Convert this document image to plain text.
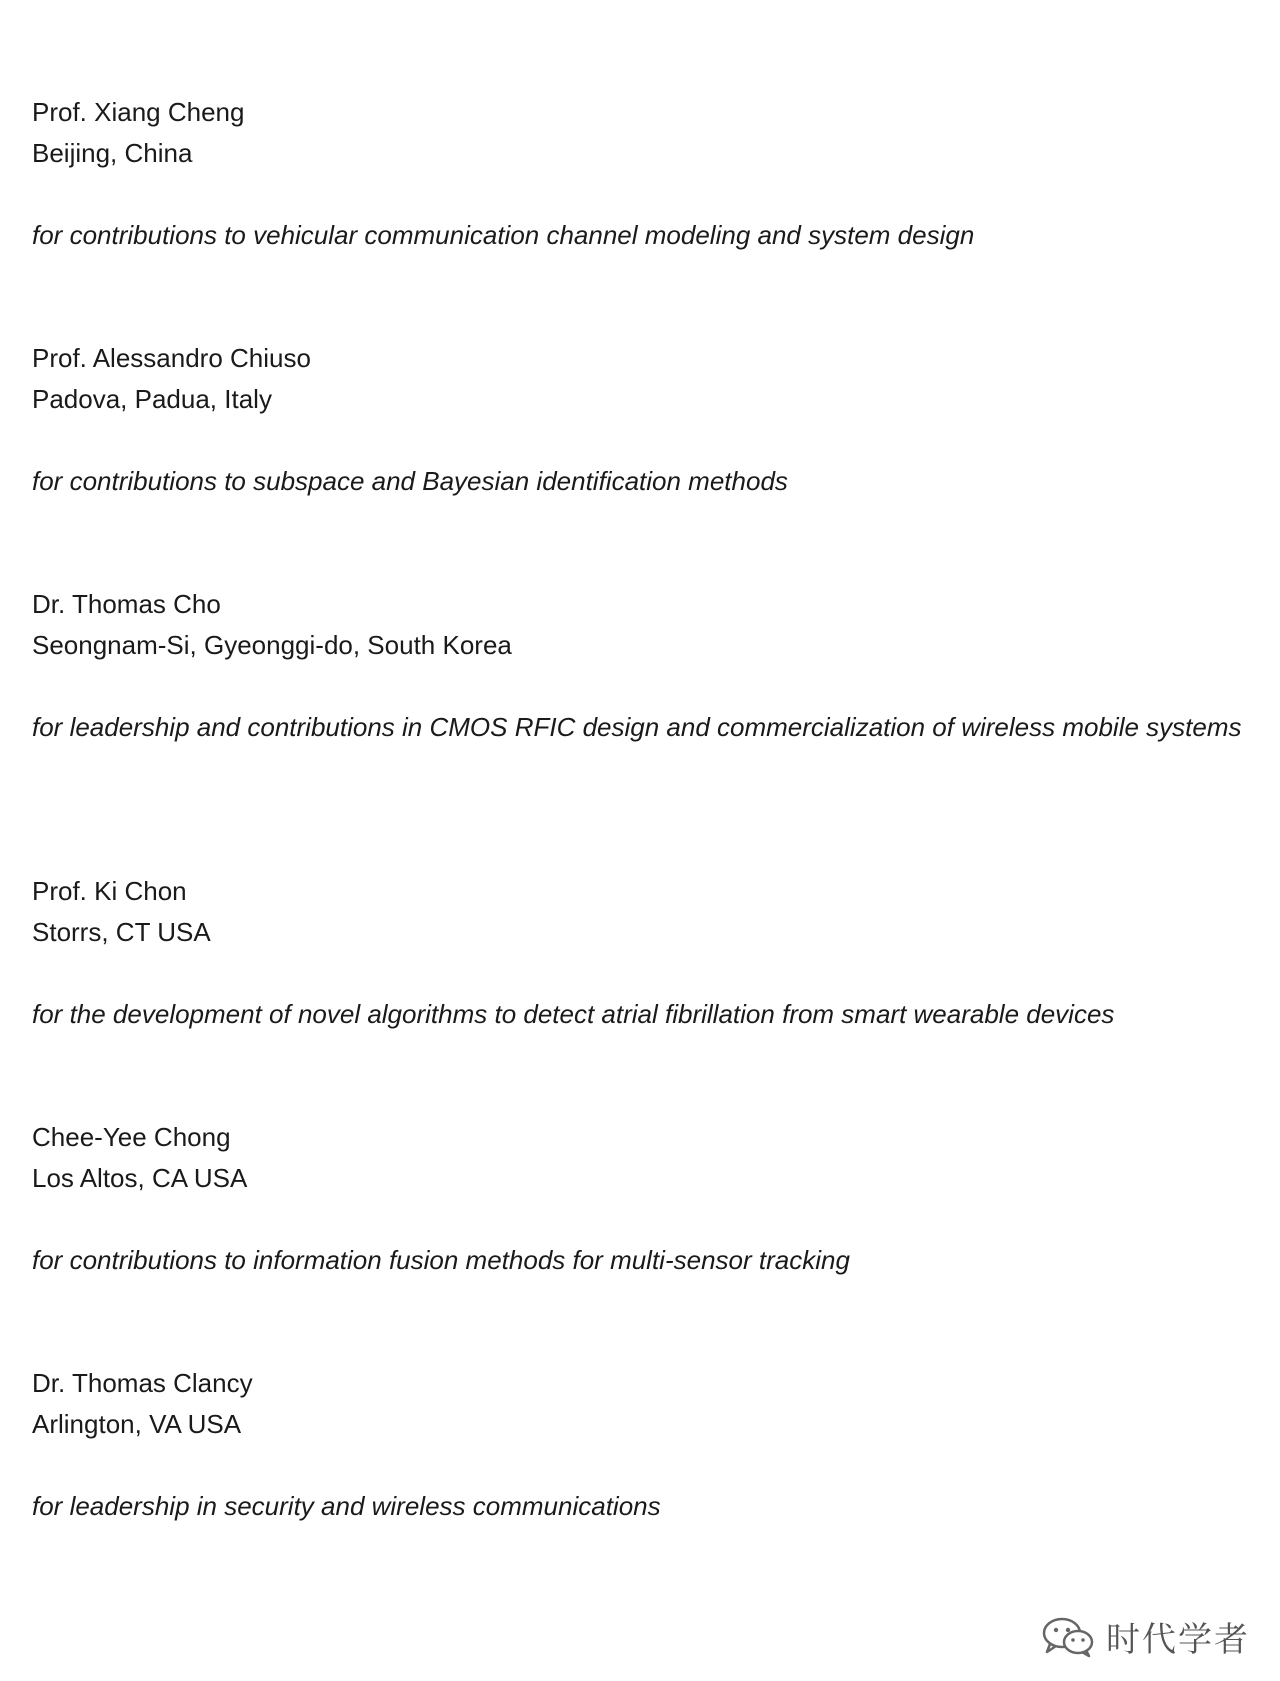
Prof. Xiang Cheng
Beijing, China
for contributions to vehicular communication channel modeling and system design
Prof. Alessandro Chiuso
Padova, Padua, Italy
for contributions to subspace and Bayesian identification methods
Dr. Thomas Cho
Seongnam-Si, Gyeonggi-do, South Korea
for leadership and contributions in CMOS RFIC design and commercialization of wireless mobile systems
Prof. Ki Chon
Storrs, CT USA
for the development of novel algorithms to detect atrial fibrillation from smart wearable devices
Chee-Yee Chong
Los Altos, CA USA
for contributions to information fusion methods for multi-sensor tracking
Dr. Thomas Clancy
Arlington, VA USA
for leadership in security and wireless communications
时代学者
